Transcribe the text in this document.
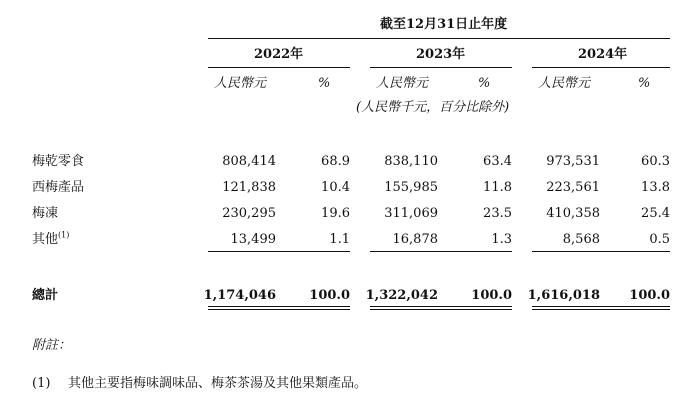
截至12月31日止年度
2022年	2023年	2024年
人民幣元	%	人民幣元	%	人民幣元	%
(人民幣千元，百分比除外)
梅乾零食	808,414	68.9	838,110	63.4	973,531	60.3
西梅產品	121,838	10.4	155,985	11.8	223,561	13.8
梅凍	230,295	19.6	311,069	23.5	410,358	25.4
其他$^{(1)}$	13,499	1.1	16,878	1.3	8,568	0.5
總計	1,174,046	100.0 1,322,042	100.0 1,616,018 100.0
附註：
(1) 其他主要指梅味調味品、梅茶茶湯及其他果類產品。
